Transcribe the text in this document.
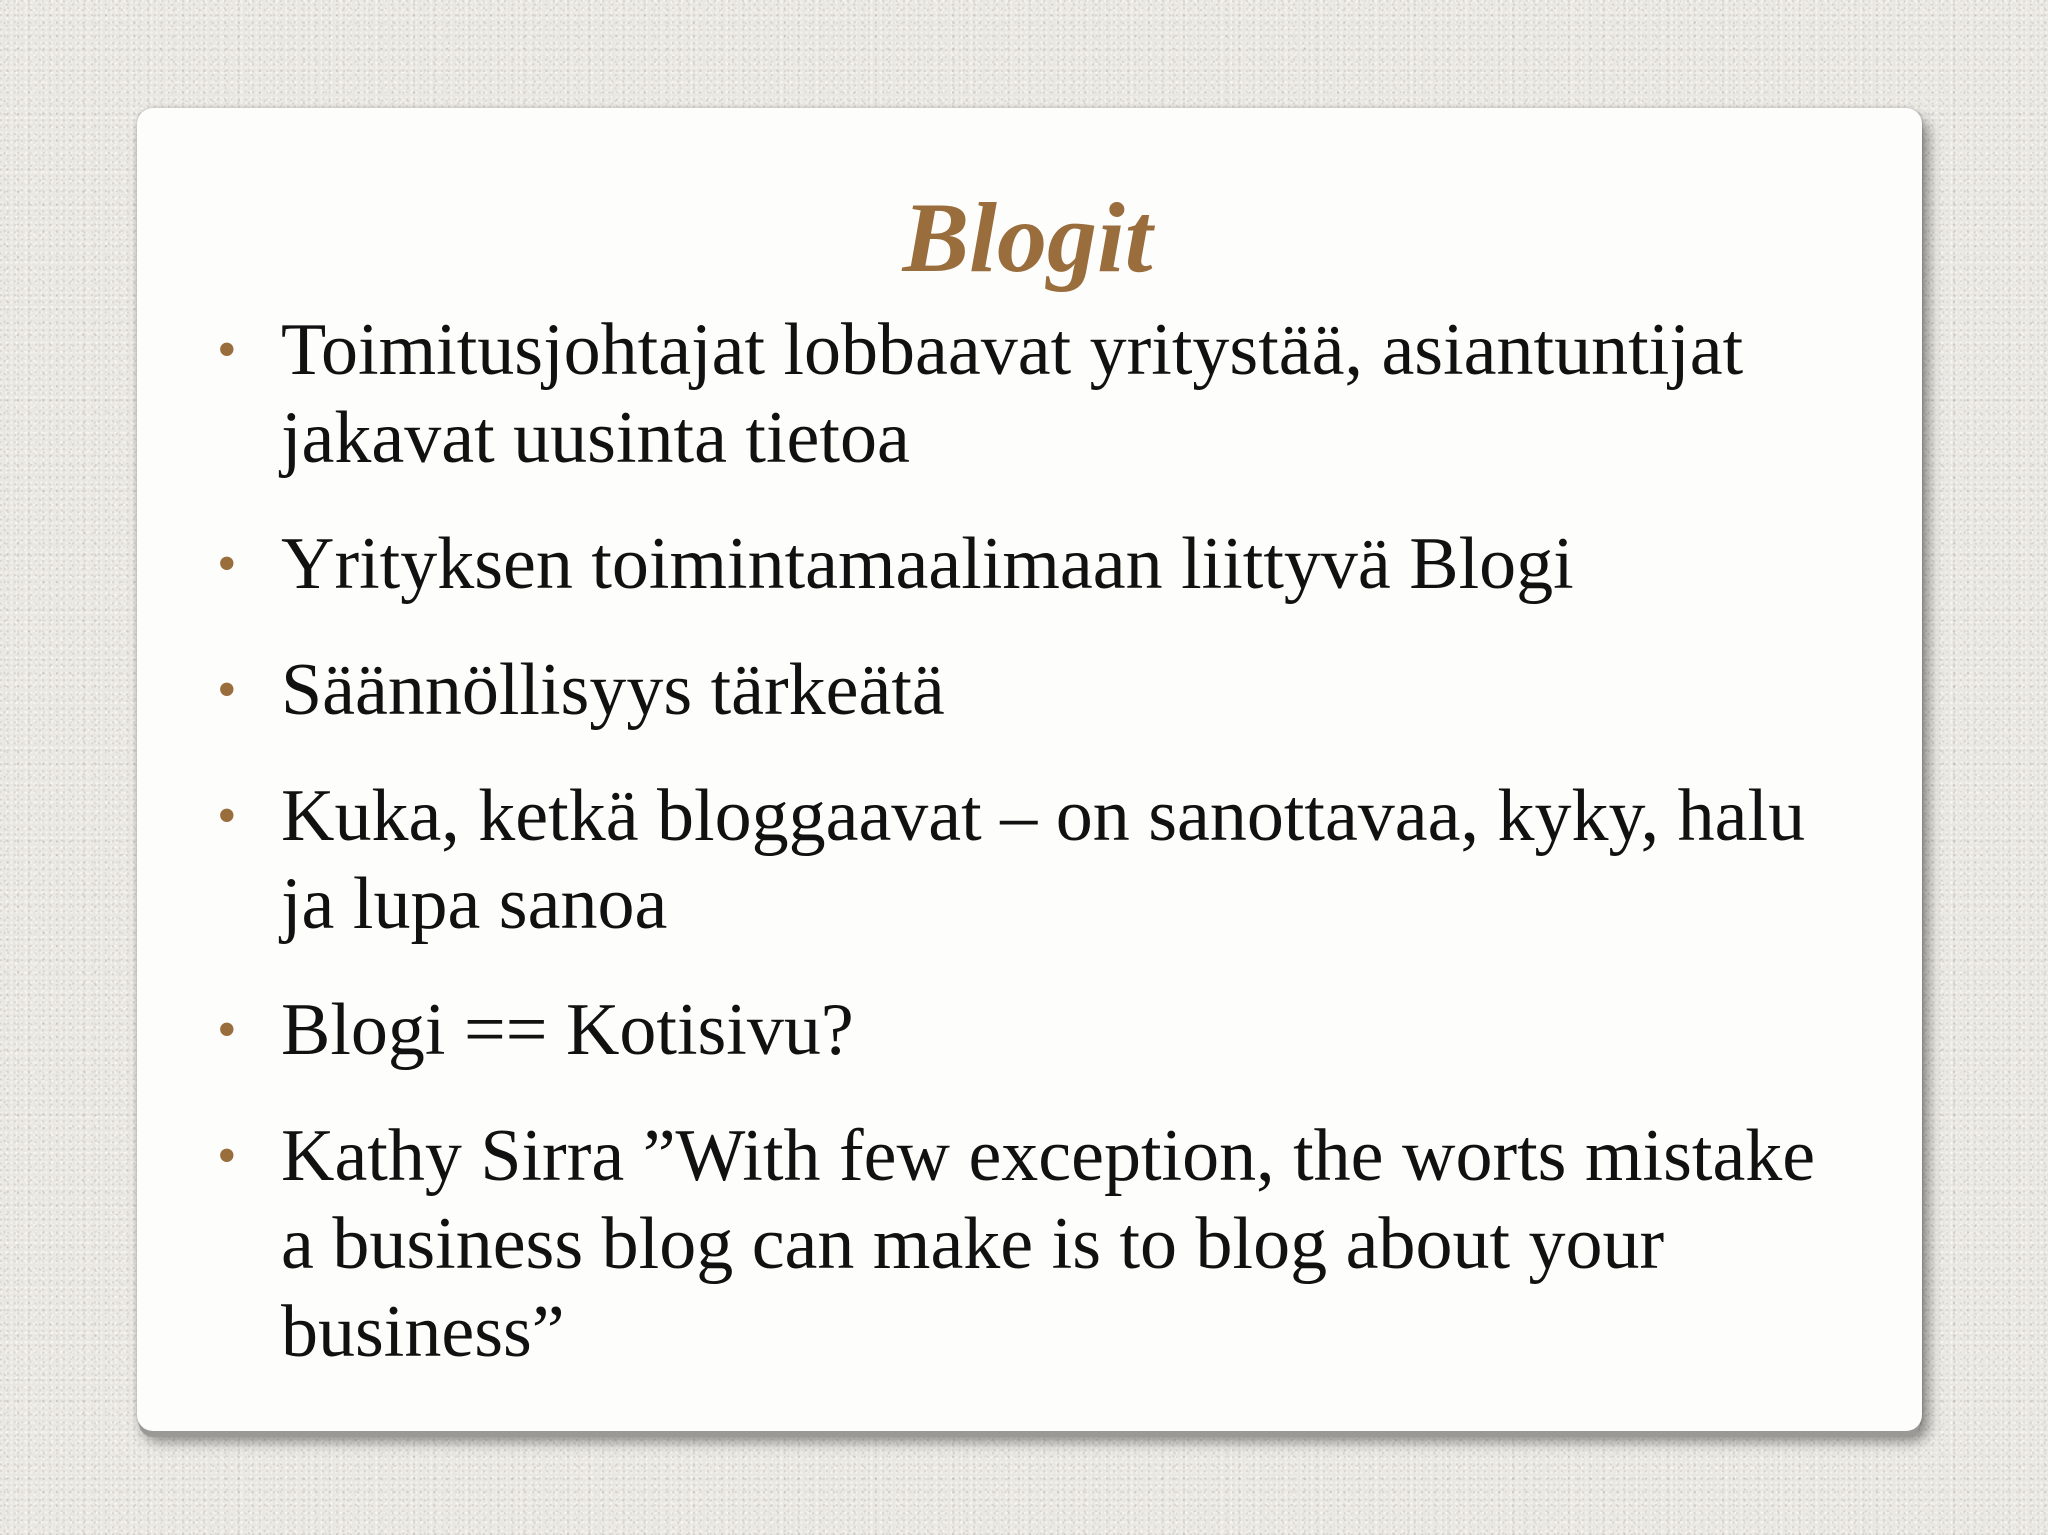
Blogit
• Toimitusjohtajat lobbaavat yritystää, asiantuntijat jakavat uusinta tietoa
• Yrityksen toimintamaalimaan liittyvä Blogi
• Säännöllisyys tärkeätä
• Kuka, ketkä bloggaavat – on sanottavaa, kyky, halu ja lupa sanoa
• Blogi == Kotisivu?
• Kathy Sirra ”With few exception, the worts mistake a business blog can make is to blog about your business”
